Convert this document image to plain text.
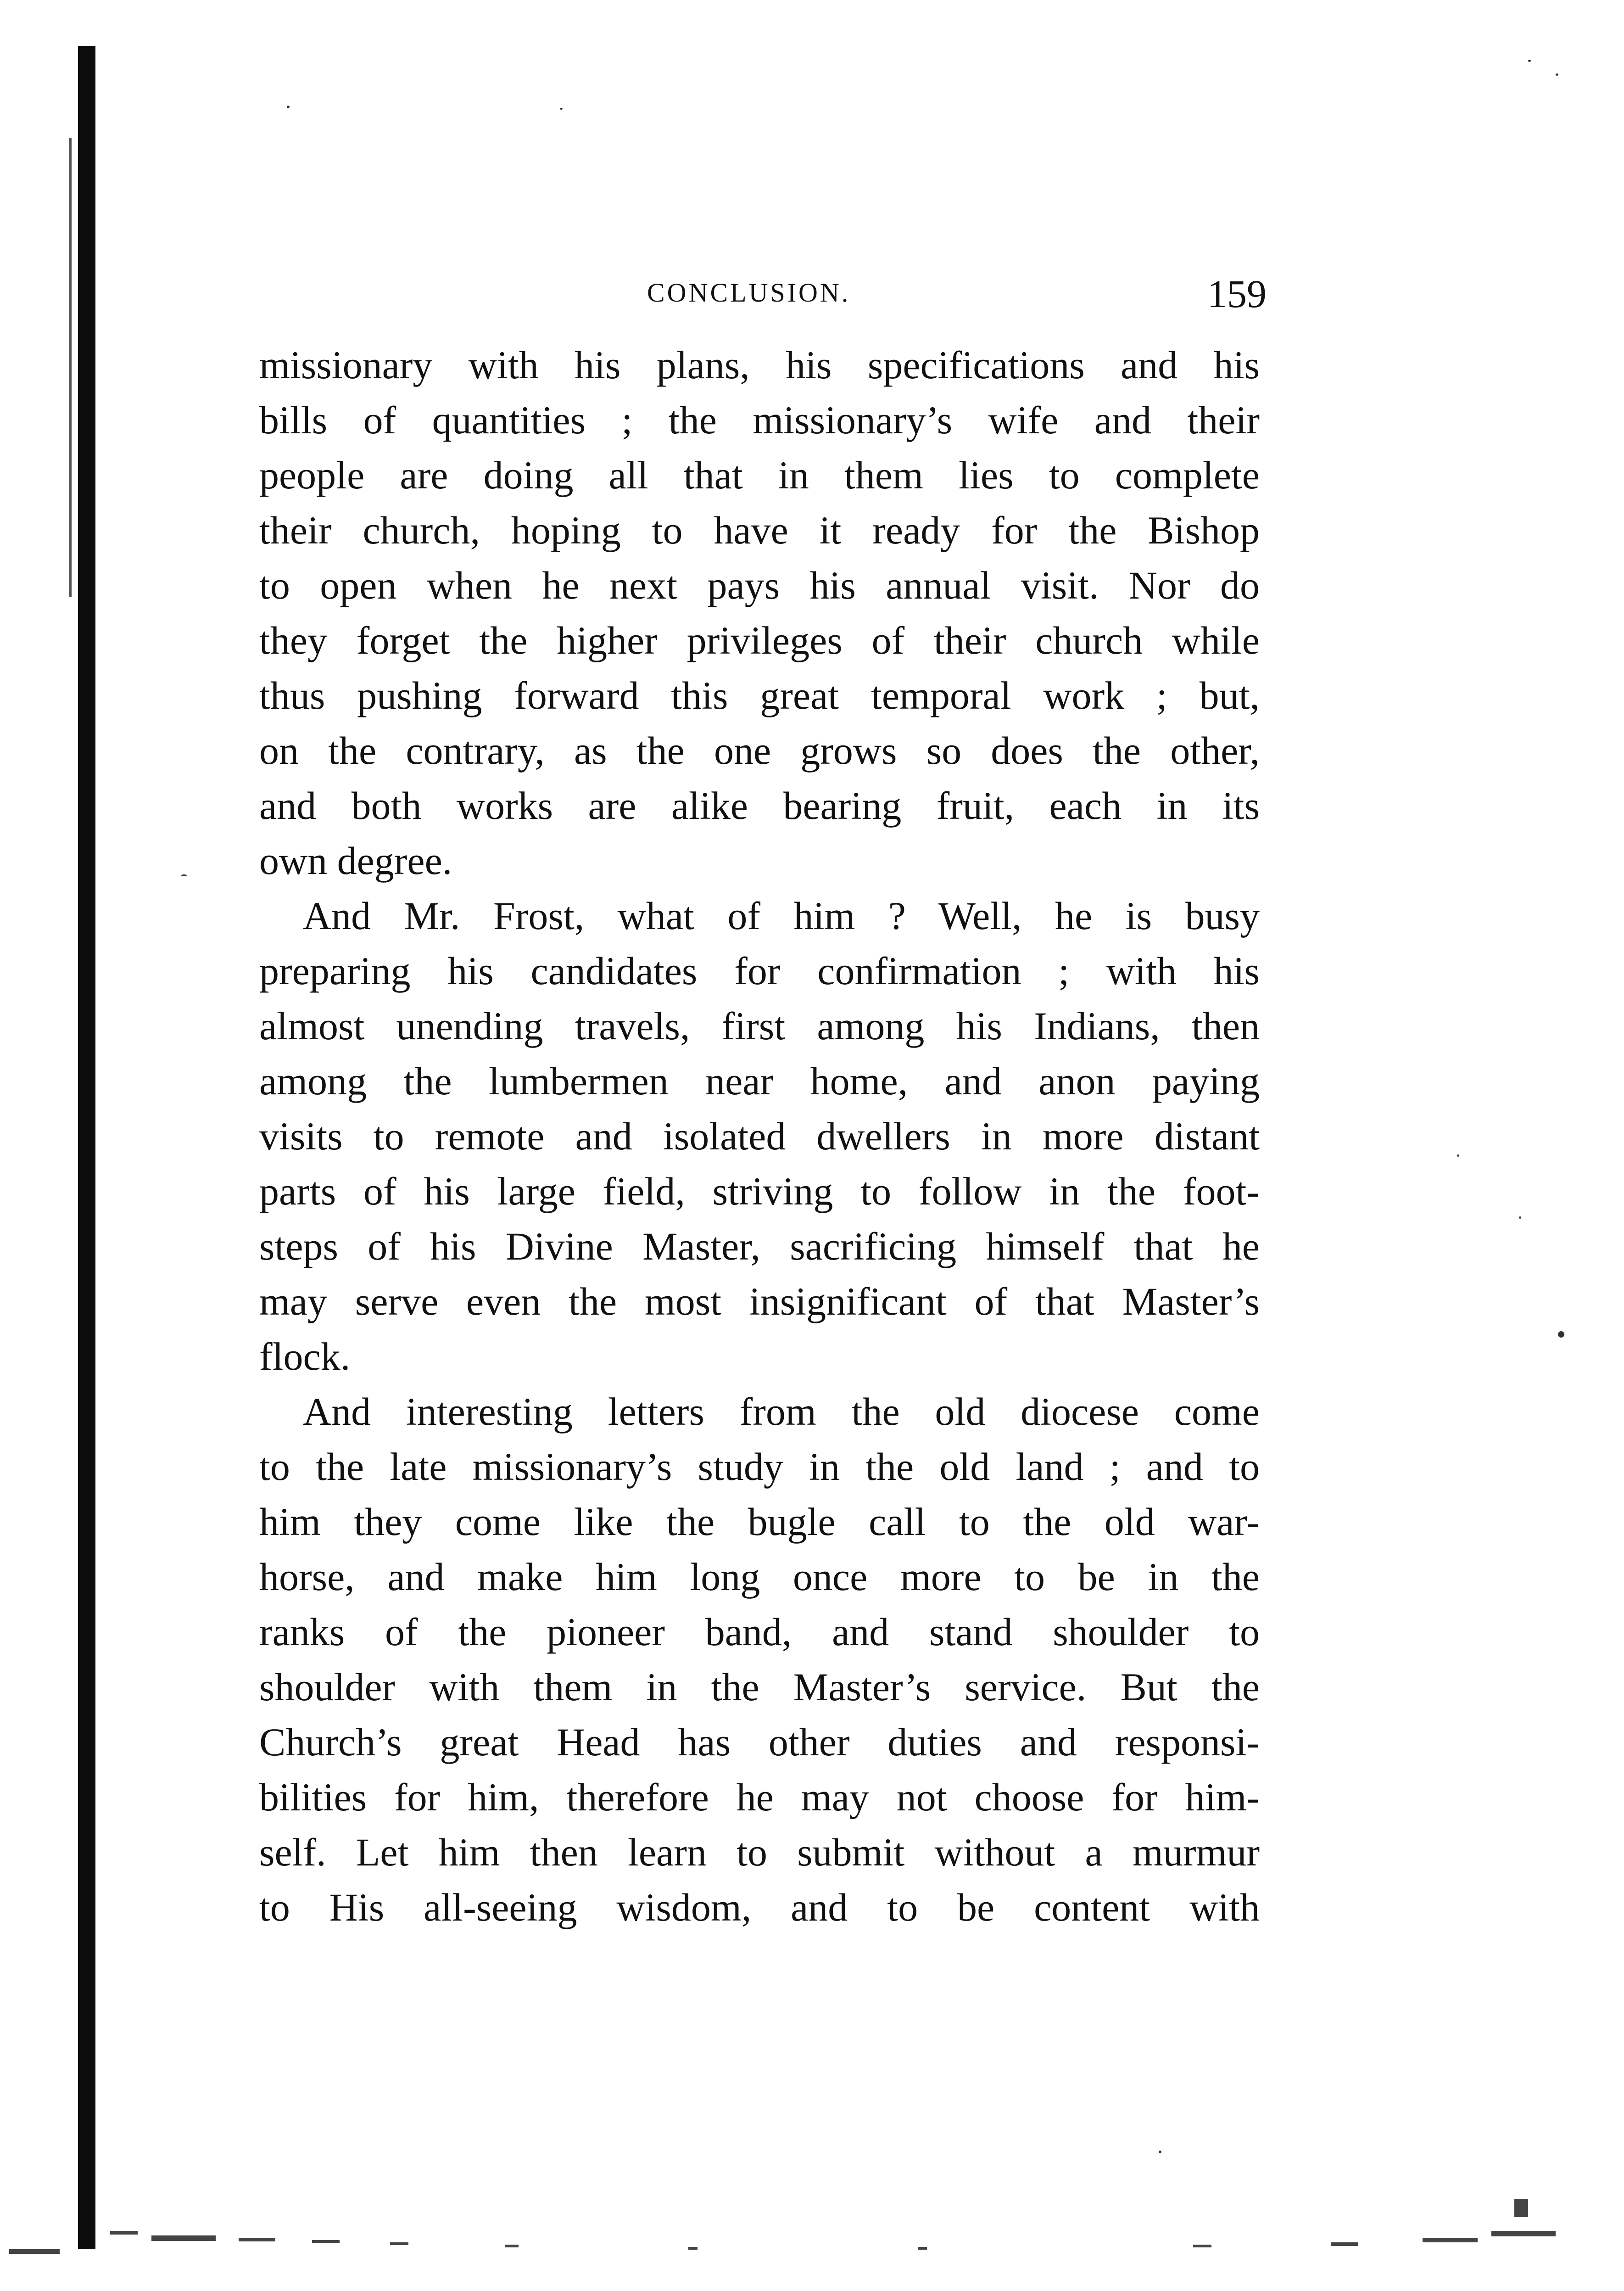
CONCLUSION.	159
missionary with his plans, his specifications and his
bills of quantities ; the missionary’s wife and their
people are doing all that in them lies to complete
their church, hoping to have it ready for the Bishop
to open when he next pays his annual visit. Nor do
they forget the higher privileges of their church while
thus pushing forward this great temporal work ; but,
on the contrary, as the one grows so does the other,
and both works are alike bearing fruit, each in its
own degree.
And Mr. Frost, what of him ? Well, he is busy
preparing his candidates for confirmation ; with his
almost unending travels, first among his Indians, then
among the lumbermen near home, and anon paying
visits to remote and isolated dwellers in more distant
parts of his large field, striving to follow in the foot-
steps of his Divine Master, sacrificing himself that he
may serve even the most insignificant of that Master’s
flock.
And interesting letters from the old diocese come
to the late missionary’s study in the old land ; and to
him they come like the bugle call to the old war-
horse, and make him long once more to be in the
ranks of the pioneer band, and stand shoulder to
shoulder with them in the Master’s service. But the
Church’s great Head has other duties and responsi-
bilities for him, therefore he may not choose for him-
self. Let him then learn to submit without a murmur
to His all-seeing wisdom, and to be content with
